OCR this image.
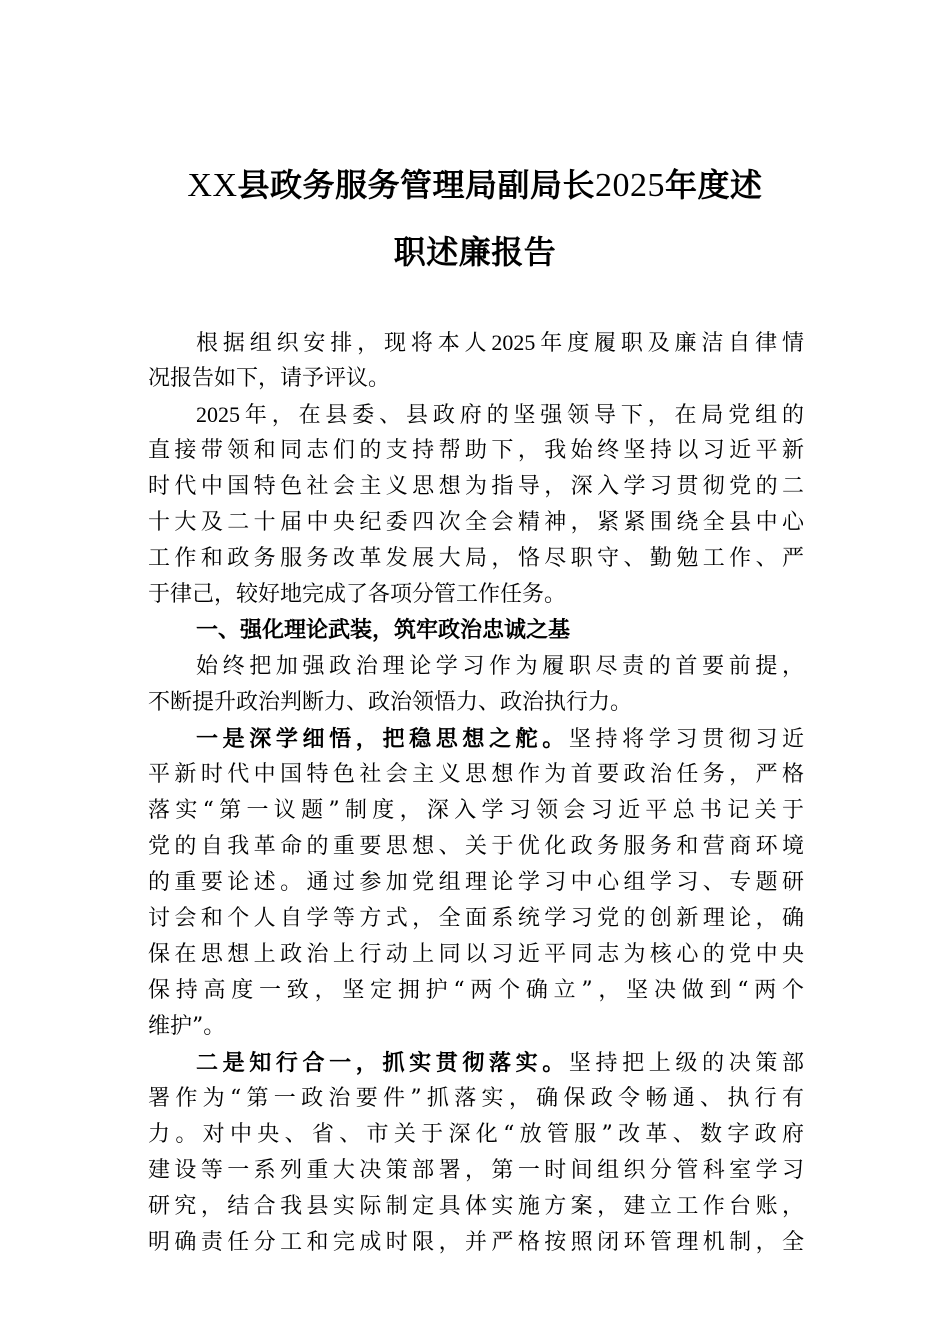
XX县政务服务管理局副局长2025年度述
职述廉报告
根据组织安排，现将本人2025年度履职及廉洁自律情
况报告如下，请予评议。
2025年，在县委、县政府的坚强领导下，在局党组的
直接带领和同志们的支持帮助下，我始终坚持以习近平新
时代中国特色社会主义思想为指导，深入学习贯彻党的二
十大及二十届中央纪委四次全会精神，紧紧围绕全县中心
工作和政务服务改革发展大局，恪尽职守、勤勉工作、严
于律己，较好地完成了各项分管工作任务。
一、强化理论武装，筑牢政治忠诚之基
始终把加强政治理论学习作为履职尽责的首要前提，
不断提升政治判断力、政治领悟力、政治执行力。
一是深学细悟，把稳思想之舵。坚持将学习贯彻习近
平新时代中国特色社会主义思想作为首要政治任务，严格
落实“第一议题”制度，深入学习领会习近平总书记关于
党的自我革命的重要思想、关于优化政务服务和营商环境
的重要论述。通过参加党组理论学习中心组学习、专题研
讨会和个人自学等方式，全面系统学习党的创新理论，确
保在思想上政治上行动上同以习近平同志为核心的党中央
保持高度一致，坚定拥护“两个确立”，坚决做到“两个
维护”。
二是知行合一，抓实贯彻落实。坚持把上级的决策部
署作为“第一政治要件”抓落实，确保政令畅通、执行有
力。对中央、省、市关于深化“放管服”改革、数字政府
建设等一系列重大决策部署，第一时间组织分管科室学习
研究，结合我县实际制定具体实施方案，建立工作台账，
明确责任分工和完成时限，并严格按照闭环管理机制，全
